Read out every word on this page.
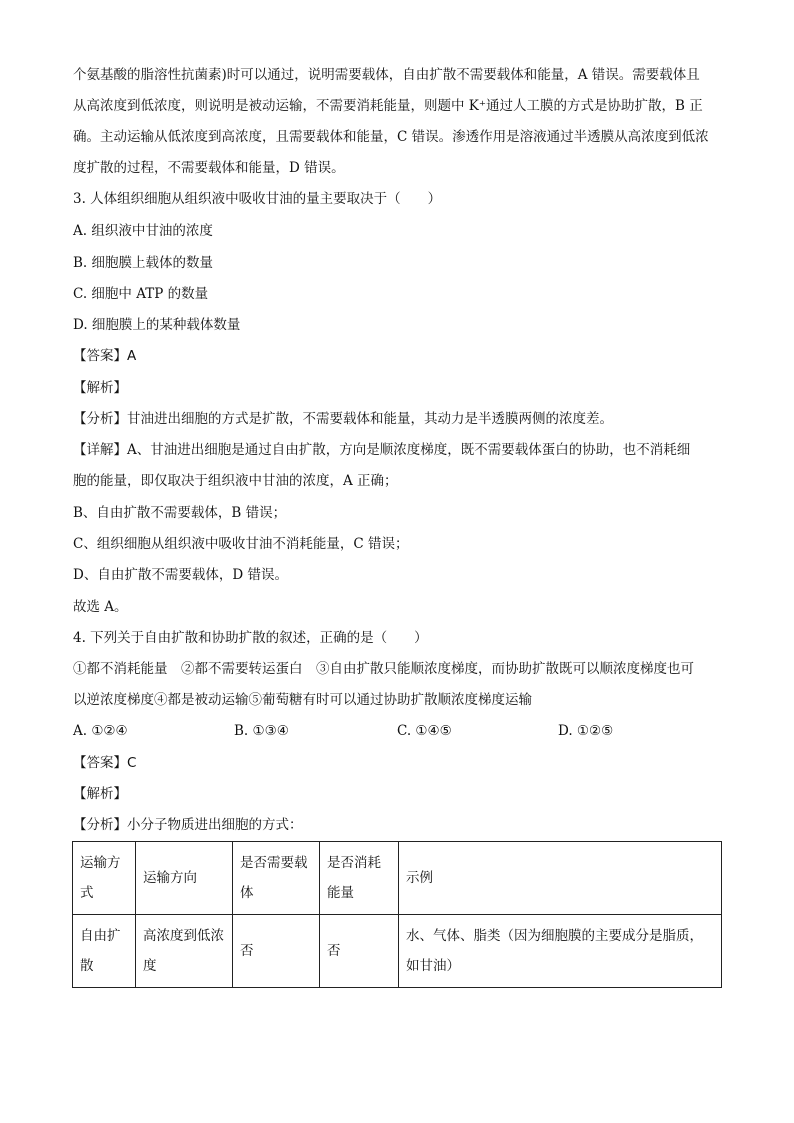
个氨基酸的脂溶性抗菌素)时可以通过，说明需要载体，自由扩散不需要载体和能量，A 错误。需要载体且
从高浓度到低浓度，则说明是被动运输，不需要消耗能量，则题中 K⁺通过人工膜的方式是协助扩散，B 正
确。主动运输从低浓度到高浓度，且需要载体和能量，C 错误。渗透作用是溶液通过半透膜从高浓度到低浓
度扩散的过程，不需要载体和能量，D 错误。
3. 人体组织细胞从组织液中吸收甘油的量主要取决于（　　）
A. 组织液中甘油的浓度
B. 细胞膜上载体的数量
C. 细胞中 ATP 的数量
D. 细胞膜上的某种载体数量
【答案】A
【解析】
【分析】甘油进出细胞的方式是扩散，不需要载体和能量，其动力是半透膜两侧的浓度差。
【详解】A、甘油进出细胞是通过自由扩散，方向是顺浓度梯度，既不需要载体蛋白的协助，也不消耗细
胞的能量，即仅取决于组织液中甘油的浓度，A 正确；
B、自由扩散不需要载体，B 错误；
C、组织细胞从组织液中吸收甘油不消耗能量，C 错误；
D、自由扩散不需要载体，D 错误。
故选 A。
4. 下列关于自由扩散和协助扩散的叙述，正确的是（　　）
①都不消耗能量　②都不需要转运蛋白　③自由扩散只能顺浓度梯度，而协助扩散既可以顺浓度梯度也可
以逆浓度梯度④都是被动运输⑤葡萄糖有时可以通过协助扩散顺浓度梯度运输
A. ①②④	B. ①③④	C. ①④⑤	D. ①②⑤
【答案】C
【解析】
【分析】小分子物质进出细胞的方式：
运输方式	运输方向	是否需要载体	是否消耗能量	示例
自由扩散	高浓度到低浓度	否	否	水、气体、脂类（因为细胞膜的主要成分是脂质，如甘油）
